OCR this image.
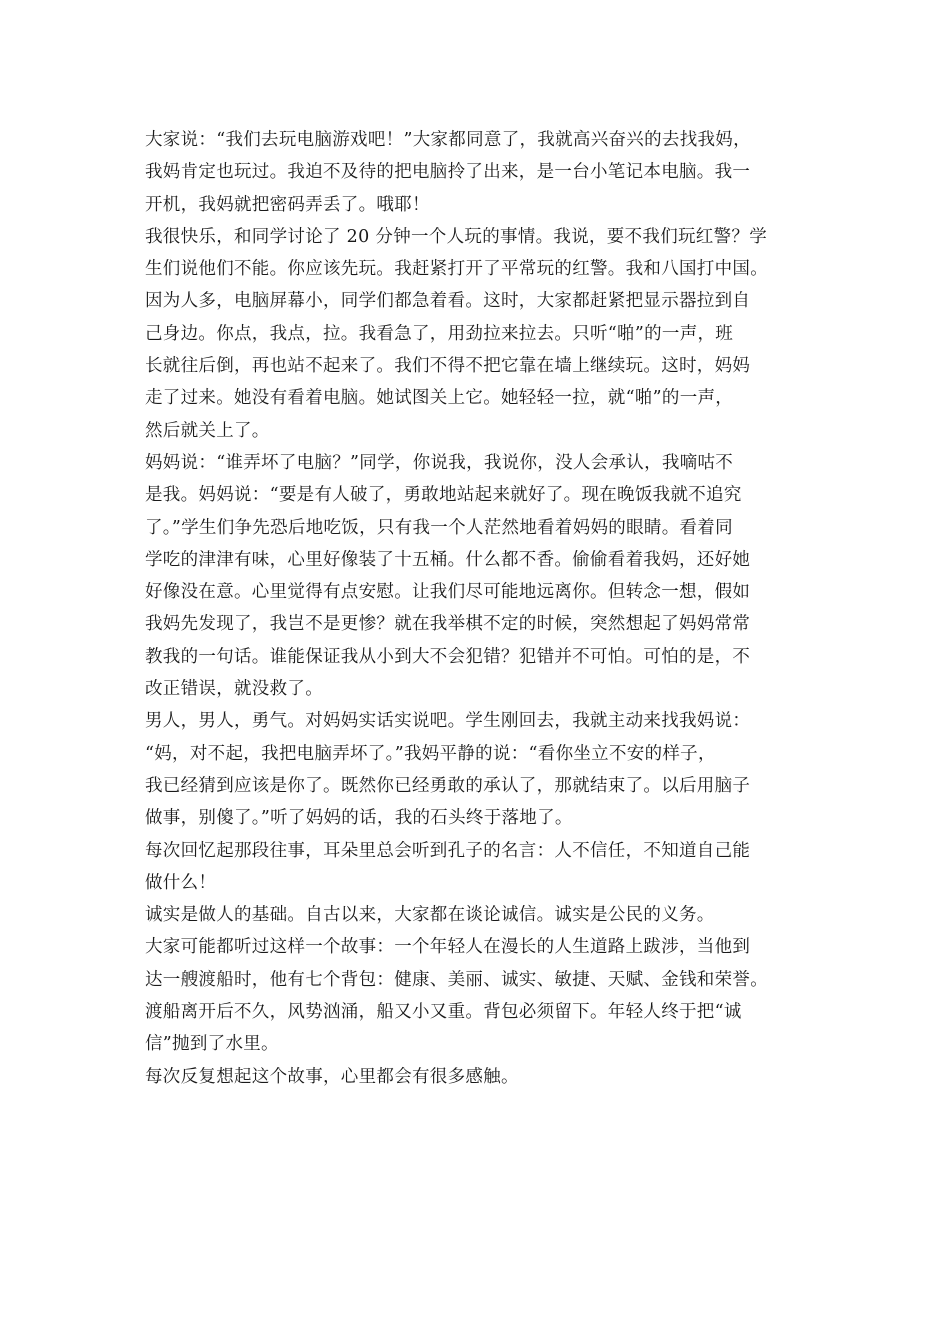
大家说：“我们去玩电脑游戏吧！”大家都同意了，我就高兴奋兴的去找我妈，
我妈肯定也玩过。我迫不及待的把电脑拎了出来，是一台小笔记本电脑。我一
开机，我妈就把密码弄丢了。哦耶！
我很快乐，和同学讨论了 20 分钟一个人玩的事情。我说，要不我们玩红警？学
生们说他们不能。你应该先玩。我赶紧打开了平常玩的红警。我和八国打中国。
因为人多，电脑屏幕小，同学们都急着看。这时，大家都赶紧把显示器拉到自
己身边。你点，我点，拉。我看急了，用劲拉来拉去。只听“啪”的一声，班
长就往后倒，再也站不起来了。我们不得不把它靠在墙上继续玩。这时，妈妈
走了过来。她没有看着电脑。她试图关上它。她轻轻一拉，就“啪”的一声，
然后就关上了。
妈妈说：“谁弄坏了电脑？”同学，你说我，我说你，没人会承认，我嘀咕不
是我。妈妈说：“要是有人破了，勇敢地站起来就好了。现在晚饭我就不追究
了。”学生们争先恐后地吃饭，只有我一个人茫然地看着妈妈的眼睛。看着同
学吃的津津有味，心里好像装了十五桶。什么都不香。偷偷看着我妈，还好她
好像没在意。心里觉得有点安慰。让我们尽可能地远离你。但转念一想，假如
我妈先发现了，我岂不是更惨？就在我举棋不定的时候，突然想起了妈妈常常
教我的一句话。谁能保证我从小到大不会犯错？犯错并不可怕。可怕的是，不
改正错误，就没救了。
男人，男人，勇气。对妈妈实话实说吧。学生刚回去，我就主动来找我妈说：
“妈，对不起，我把电脑弄坏了。”我妈平静的说：“看你坐立不安的样子，
我已经猜到应该是你了。既然你已经勇敢的承认了，那就结束了。以后用脑子
做事，别傻了。”听了妈妈的话，我的石头终于落地了。
每次回忆起那段往事，耳朵里总会听到孔子的名言：人不信任，不知道自己能
做什么！
诚实是做人的基础。自古以来，大家都在谈论诚信。诚实是公民的义务。
大家可能都听过这样一个故事：一个年轻人在漫长的人生道路上跋涉，当他到
达一艘渡船时，他有七个背包：健康、美丽、诚实、敏捷、天赋、金钱和荣誉。
渡船离开后不久，风势汹涌，船又小又重。背包必须留下。年轻人终于把“诚
信”抛到了水里。
每次反复想起这个故事，心里都会有很多感触。
